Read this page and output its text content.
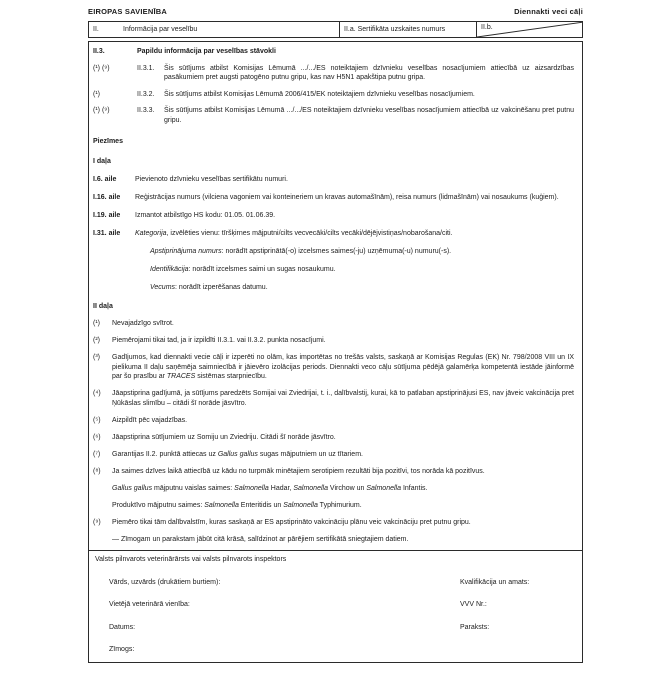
EIROPAS SAVIENĪBA	Diennakti veci cāļi
II.	Informācija par veselību	II.a. Sertifikāta uzskaites numurs	II.b.
II.3.	Papildu informācija par veselības stāvokli
(¹) (⁹)	II.3.1.	Šis sūtījums atbilst Komisijas Lēmumā .../.../ES noteiktajiem dzīvnieku veselības nosacījumiem attiecībā uz aizsardzības pasākumiem pret augsti patogēno putnu gripu, kas nav H5N1 apakštipa putnu gripa.
(¹)	II.3.2.	Šis sūtījums atbilst Komisijas Lēmumā 2006/415/EK noteiktajiem dzīvnieku veselības nosacījumiem.
(¹) (⁹)	II.3.3.	Šis sūtījums atbilst Komisijas Lēmumā .../.../ES noteiktajiem dzīvnieku veselības nosacījumiem attiecībā uz vakcinēšanu pret putnu gripu.
Piezīmes
I daļa
I.6. aile	Pievienoto dzīvnieku veselības sertifikātu numuri.
I.16. aile	Reģistrācijas numurs (vilciena vagoniem vai konteineriem un kravas automašīnām), reisa numurs (lidmašīnām) vai nosaukums (kuģiem).
I.19. aile	Izmantot atbilstīgo HS kodu: 01.05. 01.06.39.
I.31. aile	Kategorija, izvēlēties vienu: tīršķirnes mājputni/cilts vecvecāki/cilts vecāki/dējējvistiņas/nobarošana/citi.
Apstiprinājuma numurs: norādīt apstiprinātā(-o) izcelsmes saimes(-ju) uzņēmuma(-u) numuru(-s).
Identifikācija: norādīt izcelsmes saimi un sugas nosaukumu.
Vecums: norādīt izperēšanas datumu.
II daļa
(¹)	Nevajadzīgo svītrot.
(²)	Piemērojami tikai tad, ja ir izpildīti II.3.1. vai II.3.2. punkta nosacījumi.
(³)	Gadījumos, kad diennakti vecie cāļi ir izperēti no olām, kas importētas no trešās valsts, saskaņā ar Komisijas Regulas (EK) Nr. 798/2008 VIII un IX pielikuma II daļu saņēmēja saimniecībā ir jāievēro izolācijas periods. Diennakti veco cāļu sūtījuma pēdējā galamērķa kompetentā iestāde jāinformē par šo prasību ar TRACES sistēmas starpniecību.
(⁴)	Jāapstiprina gadījumā, ja sūtījums paredzēts Somijai vai Zviedrijai, t. i., dalībvalstij, kurai, kā to patlaban apstiprinājusi ES, nav jāveic vakcinācija pret Ņūkāslas slimību – citādi šī norāde jāsvītro.
(⁵)	Aizpildīt pēc vajadzības.
(⁶)	Jāapstiprina sūtījumiem uz Somiju un Zviedriju. Citādi šī norāde jāsvītro.
(⁷)	Garantijas II.2. punktā attiecas uz Gallus gallus sugas mājputniem un uz tītariem.
(⁸)	Ja saimes dzīves laikā attiecībā uz kādu no turpmāk minētajiem serotipiem rezultāti bija pozitīvi, tos norāda kā pozitīvus.
Gallus gallus mājputnu vaislas saimes: Salmonella Hadar, Salmonella Virchow un Salmonella Infantis.
Produktīvo mājputnu saimes: Salmonella Enteritidis un Salmonella Typhimurium.
(⁹)	Piemēro tikai tām dalībvalstīm, kuras saskaņā ar ES apstiprināto vakcināciju plānu veic vakcināciju pret putnu gripu.
— Zīmogam un parakstam jābūt citā krāsā, salīdzinot ar pārējiem sertifikātā sniegtajiem datiem.
Valsts pilnvarots veterinārārsts vai valsts pilnvarots inspektors
Vārds, uzvārds (drukātiem burtiem):	Kvalifikācija un amats:
Vietējā veterinārā vienība:	VVV Nr.:
Datums:	Paraksts:
Zīmogs:
